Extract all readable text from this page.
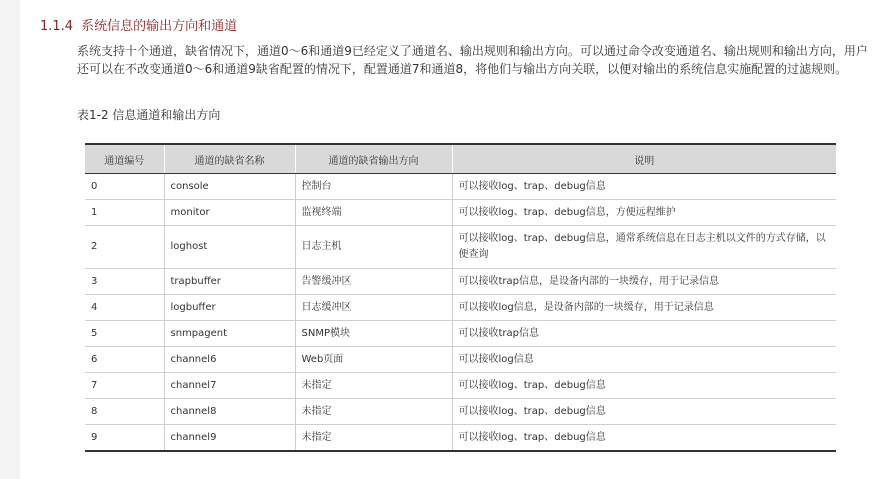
1.1.4 系统信息的输出方向和通道
系统支持十个通道，缺省情况下，通道0～6和通道9已经定义了通道名、输出规则和输出方向。可以通过命令改变通道名、输出规则和输出方向，用户还可以在不改变通道0～6和通道9缺省配置的情况下，配置通道7和通道8，将他们与输出方向关联，以便对输出的系统信息实施配置的过滤规则。
表1-2 信息通道和输出方向
通道编号	通道的缺省名称	通道的缺省输出方向	说明
0	console	控制台	可以接收log、trap、debug信息
1	monitor	监视终端	可以接收log、trap、debug信息，方便远程维护
2	loghost	日志主机	可以接收log、trap、debug信息，通常系统信息在日志主机以文件的方式存储，以便查询
3	trapbuffer	告警缓冲区	可以接收trap信息，是设备内部的一块缓存，用于记录信息
4	logbuffer	日志缓冲区	可以接收log信息，是设备内部的一块缓存，用于记录信息
5	snmpagent	SNMP模块	可以接收trap信息
6	channel6	Web页面	可以接收log信息
7	channel7	未指定	可以接收log、trap、debug信息
8	channel8	未指定	可以接收log、trap、debug信息
9	channel9	未指定	可以接收log、trap、debug信息
